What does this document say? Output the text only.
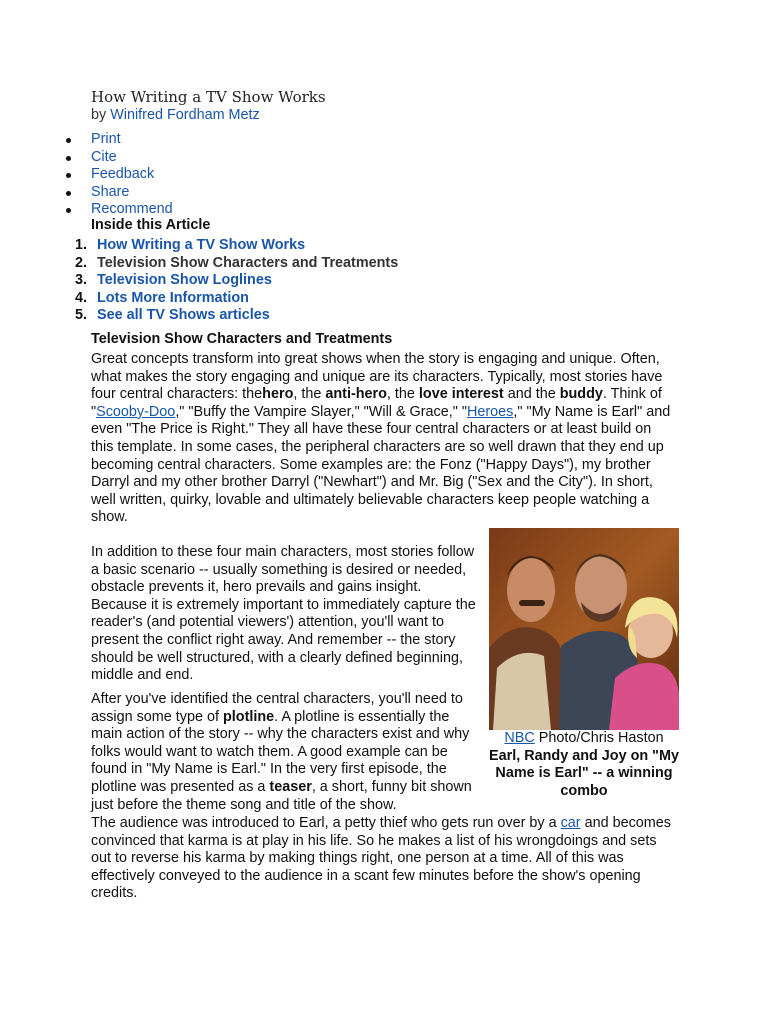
How Writing a TV Show Works
by Winifred Fordham Metz
Print
Cite
Feedback
Share
Recommend
Inside this Article
1. How Writing a TV Show Works
2. Television Show Characters and Treatments
3. Television Show Loglines
4. Lots More Information
5. See all TV Shows articles
Television Show Characters and Treatments

Great concepts transform into great shows when the story is engaging and unique. Often, what makes the story engaging and unique are its characters. Typically, most stories have four central characters: thehero, the anti-hero, the love interest and the buddy. Think of "Scooby-Doo," "Buffy the Vampire Slayer," "Will & Grace," "Heroes," "My Name is Earl" and even "The Price is Right." They all have these four central characters or at least build on this template. In some cases, the peripheral characters are so well drawn that they end up becoming central characters. Some examples are: the Fonz ("Happy Days"), my brother Darryl and my other brother Darryl ("Newhart") and Mr. Big ("Sex and the City"). In short, well written, quirky, lovable and ultimately believable characters keep people watching a show.

In addition to these four main characters, most stories follow a basic scenario -- usually something is desired or needed, obstacle prevents it, hero prevails and gains insight. Because it is extremely important to immediately capture the reader's (and potential viewers') attention, you'll want to present the conflict right away. And remember -- the story should be well structured, with a clearly defined beginning, middle and end.

After you've identified the central characters, you'll need to assign some type of plotline. A plotline is essentially the main action of the story -- why the characters exist and why folks would want to watch them. A good example can be found in "My Name is Earl." In the very first episode, the plotline was presented as a teaser, a short, funny bit shown just before the theme song and title of the show.

The audience was introduced to Earl, a petty thief who gets run over by a car and becomes convinced that karma is at play in his life. So he makes a list of his wrongdoings and sets out to reverse his karma by making things right, one person at a time. All of this was effectively conveyed to the audience in a scant few minutes before the show's opening credits.

NBC Photo/Chris Haston
Earl, Randy and Joy on "My Name is Earl" -- a winning combo
